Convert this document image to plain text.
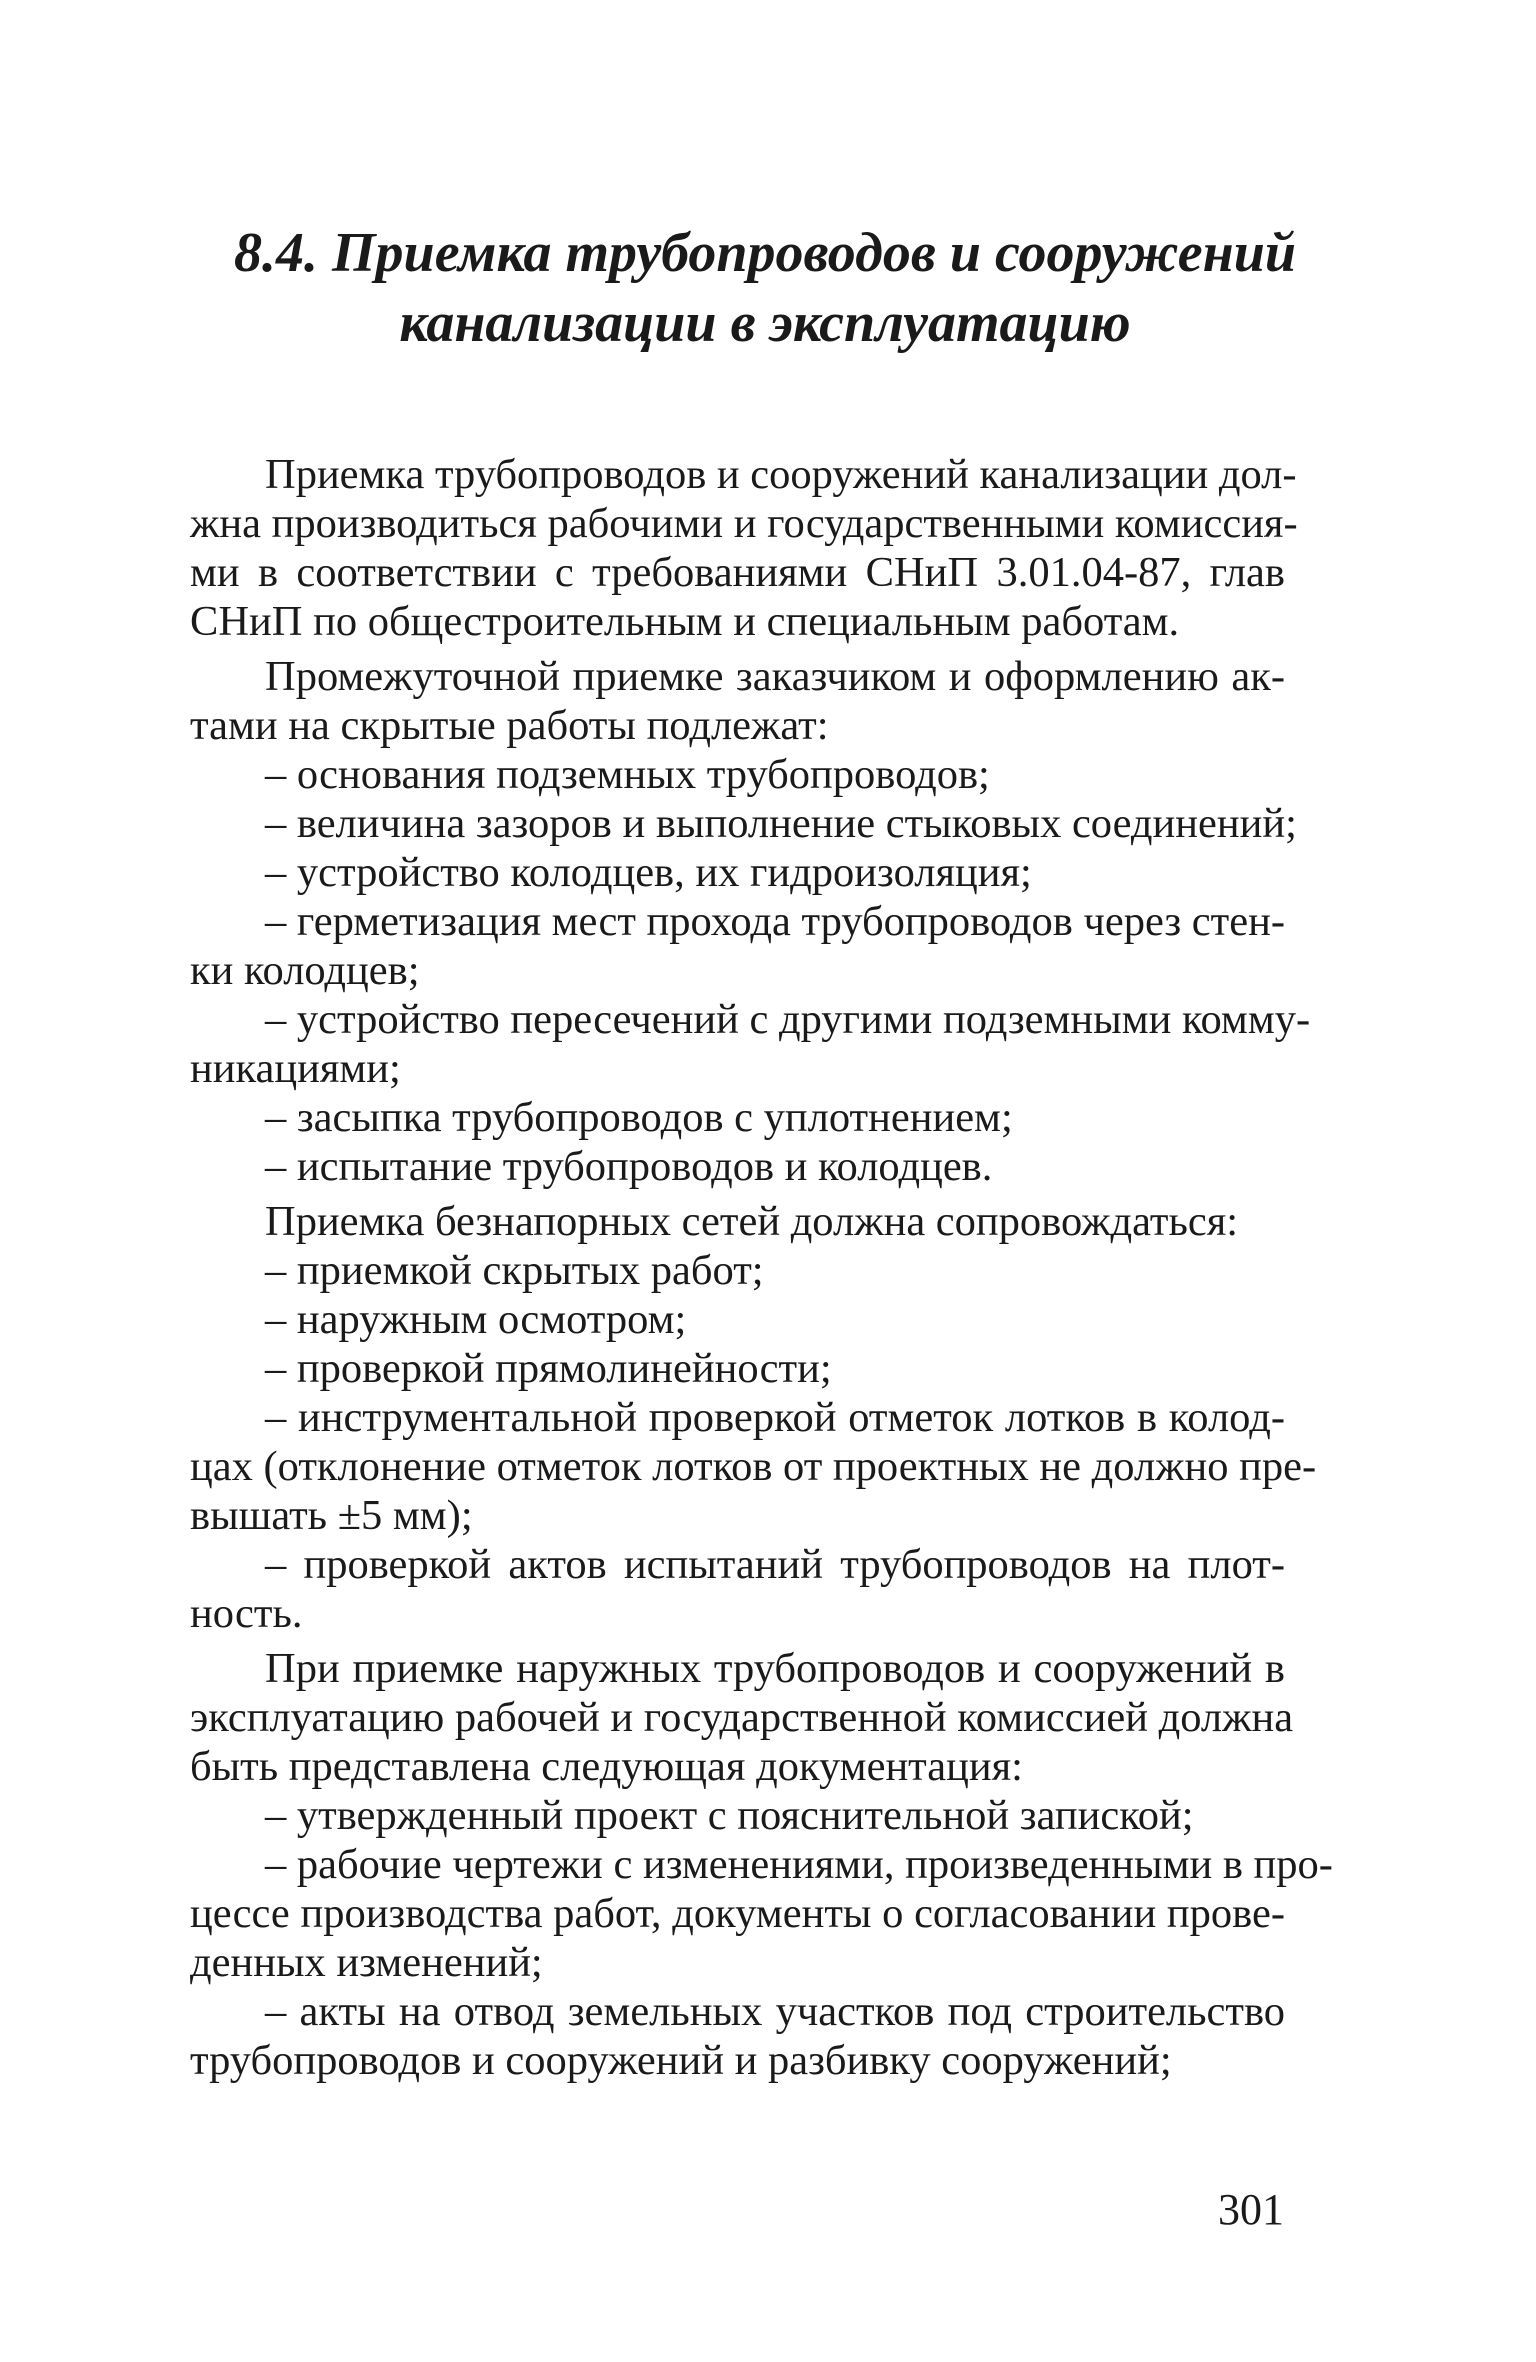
8.4. Приемка трубопроводов и сооружений
канализации в эксплуатацию
Приемка трубопроводов и сооружений канализации дол-
жна производиться рабочими и государственными комиссия-
ми в соответствии с требованиями СНиП 3.01.04-87, глав
СНиП по общестроительным и специальным работам.
Промежуточной приемке заказчиком и оформлению ак-
тами на скрытые работы подлежат:
– основания подземных трубопроводов;
– величина зазоров и выполнение стыковых соединений;
– устройство колодцев, их гидроизоляция;
– герметизация мест прохода трубопроводов через стен-
ки колодцев;
– устройство пересечений с другими подземными комму-
никациями;
– засыпка трубопроводов с уплотнением;
– испытание трубопроводов и колодцев.
Приемка безнапорных сетей должна сопровождаться:
– приемкой скрытых работ;
– наружным осмотром;
– проверкой прямолинейности;
– инструментальной проверкой отметок лотков в колод-
цах (отклонение отметок лотков от проектных не должно пре-
вышать ±5 мм);
– проверкой актов испытаний трубопроводов на плот-
ность.
При приемке наружных трубопроводов и сооружений в
эксплуатацию рабочей и государственной комиссией должна
быть представлена следующая документация:
– утвержденный проект с пояснительной запиской;
– рабочие чертежи с изменениями, произведенными в про-
цессе производства работ, документы о согласовании прове-
денных изменений;
– акты на отвод земельных участков под строительство
трубопроводов и сооружений и разбивку сооружений;
301
